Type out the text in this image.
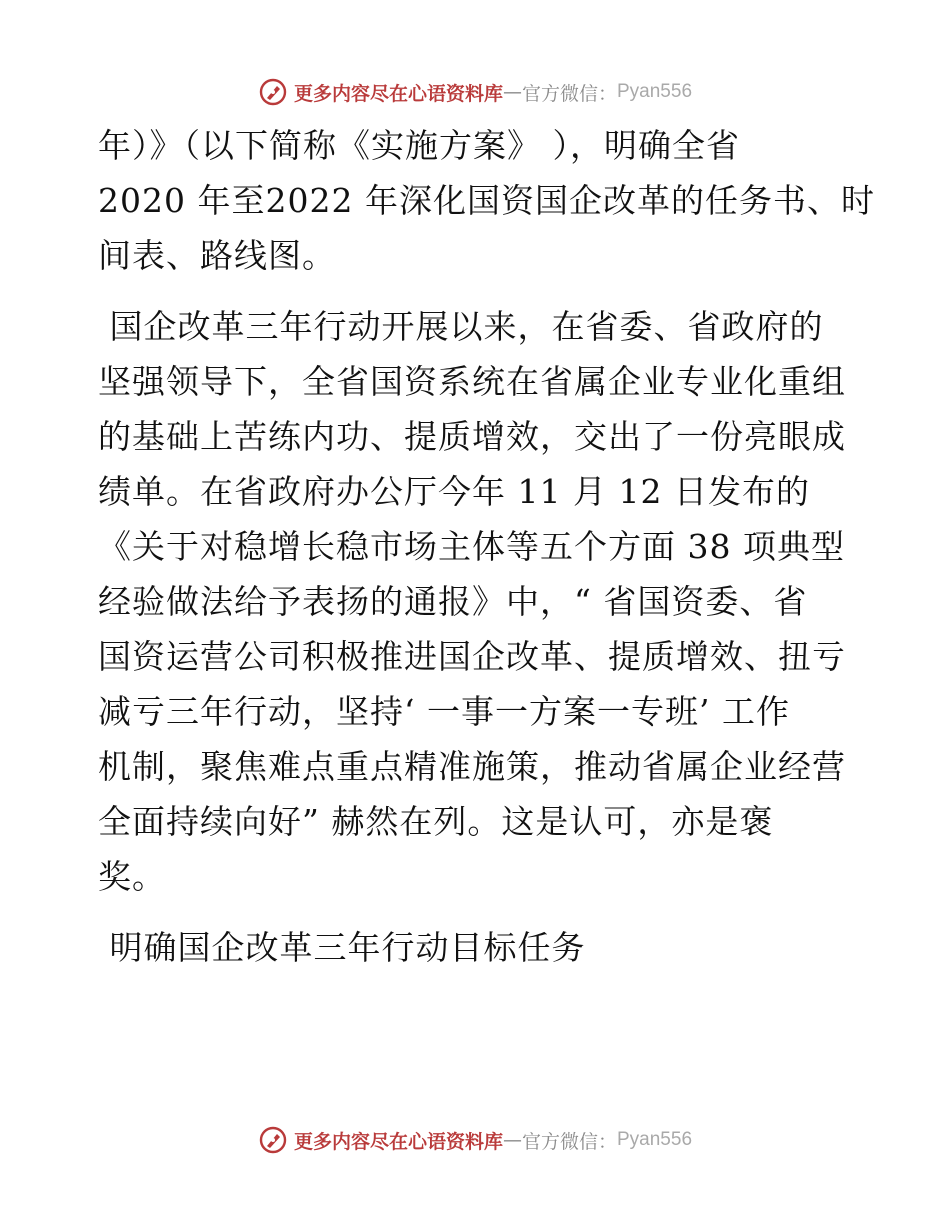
更多内容尽在心语资料库 — 官方微信： Pyan556
年）》（以下简称《实施方案》 ），明确全省
2020 年至2022 年深化国资国企改革的任务书、时
间表、路线图。
国企改革三年行动开展以来，在省委、省政府的
坚强领导下，全省国资系统在省属企业专业化重组
的基础上苦练内功、提质增效，交出了一份亮眼成
绩单。在省政府办公厅今年 11 月 12 日发布的
《关于对稳增长稳市场主体等五个方面 38 项典型
经验做法给予表扬的通报》中，“ 省国资委、省
国资运营公司积极推进国企改革、提质增效、扭亏
减亏三年行动，坚持‘ 一事一方案一专班’ 工作
机制，聚焦难点重点精准施策，推动省属企业经营
全面持续向好” 赫然在列。这是认可，亦是褒
奖。
明确国企改革三年行动目标任务
更多内容尽在心语资料库 — 官方微信： Pyan556
